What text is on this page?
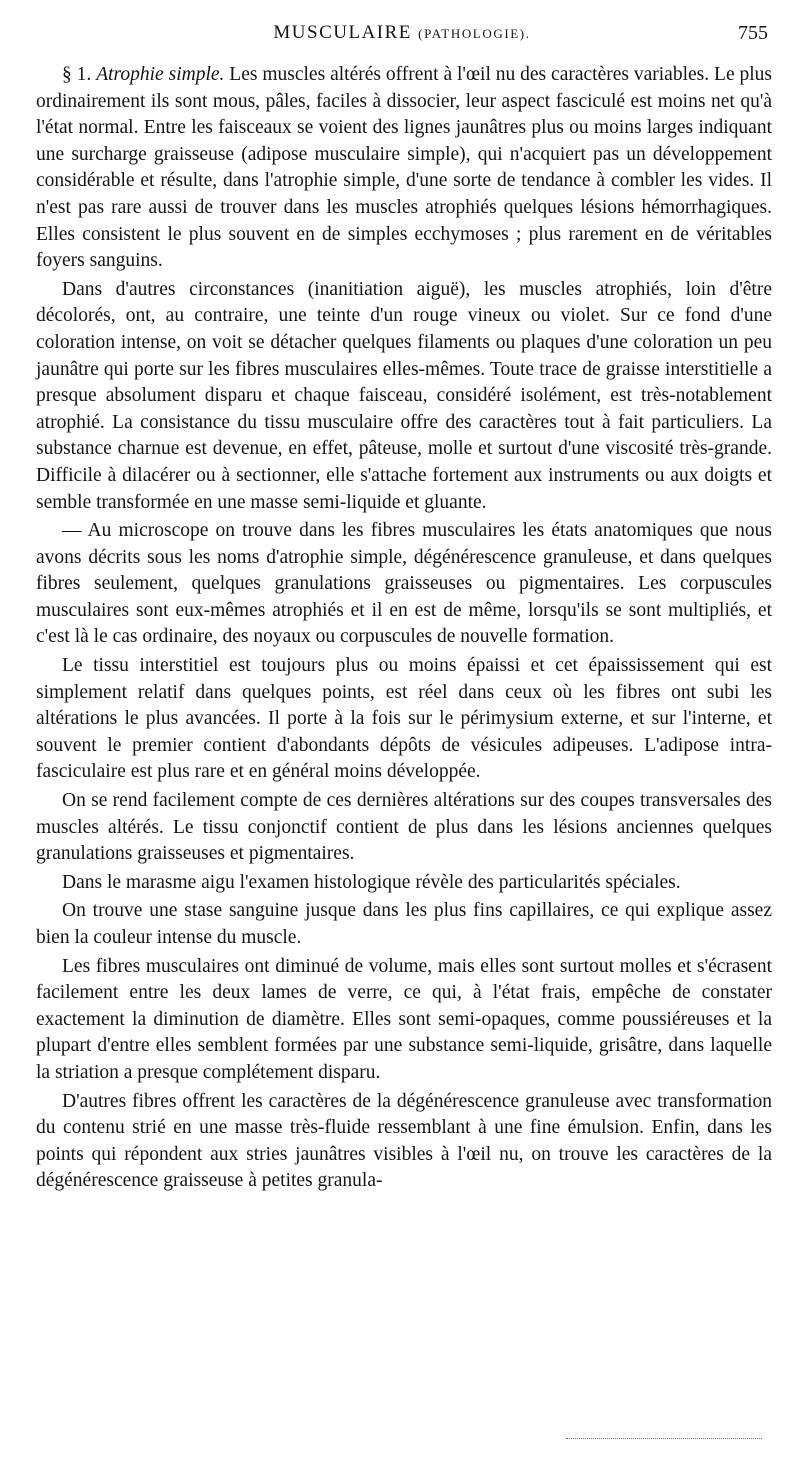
MUSCULAIRE (PATHOLOGIE).	755

§ 1. Atrophie simple. Les muscles altérés offrent à l'œil nu des caractères variables. Le plus ordinairement ils sont mous, pâles, faciles à dissocier, leur aspect fasciculé est moins net qu'à l'état normal. Entre les faisceaux se voient des lignes jaunâtres plus ou moins larges indiquant une surcharge graisseuse (adipose musculaire simple), qui n'acquiert pas un développement considérable et résulte, dans l'atrophie simple, d'une sorte de tendance à combler les vides. Il n'est pas rare aussi de trouver dans les muscles atrophiés quelques lésions hémorrhagiques. Elles consistent le plus souvent en de simples ecchymoses ; plus rarement en de véritables foyers sanguins.

Dans d'autres circonstances (inanitiation aiguë), les muscles atrophiés, loin d'être décolorés, ont, au contraire, une teinte d'un rouge vineux ou violet. Sur ce fond d'une coloration intense, on voit se détacher quelques filaments ou plaques d'une coloration un peu jaunâtre qui porte sur les fibres musculaires elles-mêmes. Toute trace de graisse interstitielle a presque absolument disparu et chaque faisceau, considéré isolément, est très-notablement atrophié. La consistance du tissu musculaire offre des caractères tout à fait particuliers. La substance charnue est devenue, en effet, pâteuse, molle et surtout d'une viscosité très-grande. Difficile à dilacérer ou à sectionner, elle s'attache fortement aux instruments ou aux doigts et semble transformée en une masse semi-liquide et gluante.

— Au microscope on trouve dans les fibres musculaires les états anatomiques que nous avons décrits sous les noms d'atrophie simple, dégénérescence granuleuse, et dans quelques fibres seulement, quelques granulations graisseuses ou pigmentaires. Les corpuscules musculaires sont eux-mêmes atrophiés et il en est de même, lorsqu'ils se sont multipliés, et c'est là le cas ordinaire, des noyaux ou corpuscules de nouvelle formation.

Le tissu interstitiel est toujours plus ou moins épaissi et cet épaississement qui est simplement relatif dans quelques points, est réel dans ceux où les fibres ont subi les altérations le plus avancées. Il porte à la fois sur le périmysium externe, et sur l'interne, et souvent le premier contient d'abondants dépôts de vésicules adipeuses. L'adipose intra-fasciculaire est plus rare et en général moins développée.

On se rend facilement compte de ces dernières altérations sur des coupes transversales des muscles altérés. Le tissu conjonctif contient de plus dans les lésions anciennes quelques granulations graisseuses et pigmentaires.

Dans le marasme aigu l'examen histologique révèle des particularités spéciales.

On trouve une stase sanguine jusque dans les plus fins capillaires, ce qui explique assez bien la couleur intense du muscle.

Les fibres musculaires ont diminué de volume, mais elles sont surtout molles et s'écrasent facilement entre les deux lames de verre, ce qui, à l'état frais, empêche de constater exactement la diminution de diamètre. Elles sont semi-opaques, comme poussiéreuses et la plupart d'entre elles semblent formées par une substance semi-liquide, grisâtre, dans laquelle la striation a presque complétement disparu.

D'autres fibres offrent les caractères de la dégénérescence granuleuse avec transformation du contenu strié en une masse très-fluide ressemblant à une fine émulsion. Enfin, dans les points qui répondent aux stries jaunâtres visibles à l'œil nu, on trouve les caractères de la dégénérescence graisseuse à petites granula-
